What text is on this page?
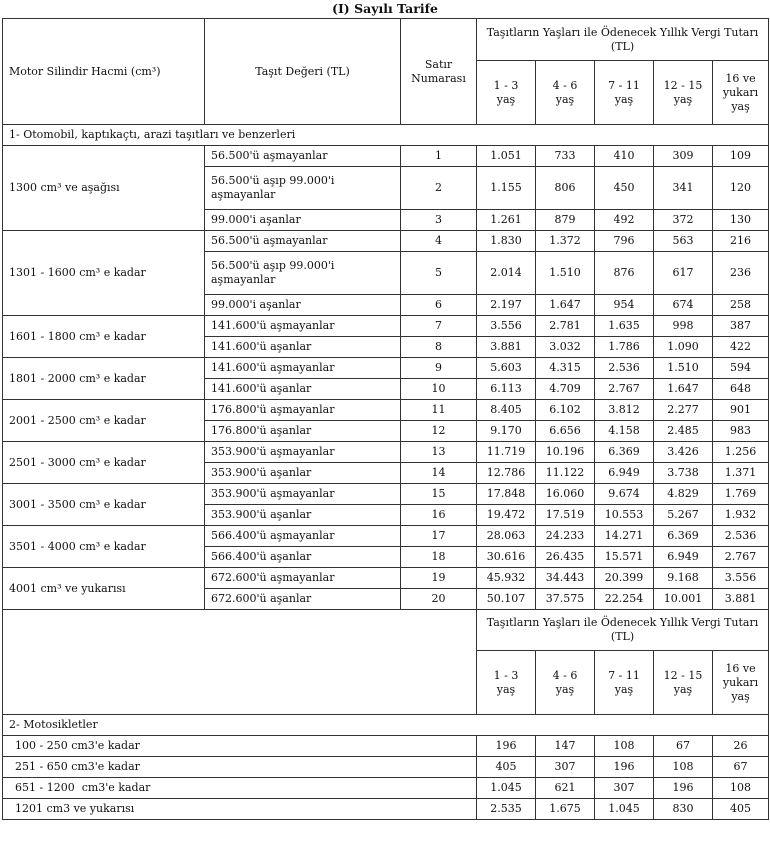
(I) Sayılı Tarife
Motor Silindir Hacmi (cm³)	Taşıt Değeri (TL)	Satır Numarası	Taşıtların Yaşları ile Ödenecek Yıllık Vergi Tutarı (TL)				
			1 - 3 yaş	4 - 6 yaş	7 - 11 yaş	12 - 15 yaş	16 ve yukarı yaş
1- Otomobil, kaptıkaçtı, arazi taşıtları ve benzerleri							
1300 cm³ ve aşağısı	56.500'ü aşmayanlar	1	1.051	733	410	309	109
	56.500'ü aşıp 99.000'i aşmayanlar	2	1.155	806	450	341	120
	99.000'i aşanlar	3	1.261	879	492	372	130
1301 - 1600 cm³ e kadar	56.500'ü aşmayanlar	4	1.830	1.372	796	563	216
	56.500'ü aşıp 99.000'i aşmayanlar	5	2.014	1.510	876	617	236
	99.000'i aşanlar	6	2.197	1.647	954	674	258
1601 - 1800 cm³ e kadar	141.600'ü aşmayanlar	7	3.556	2.781	1.635	998	387
	141.600'ü aşanlar	8	3.881	3.032	1.786	1.090	422
1801 - 2000 cm³ e kadar	141.600'ü aşmayanlar	9	5.603	4.315	2.536	1.510	594
	141.600'ü aşanlar	10	6.113	4.709	2.767	1.647	648
2001 - 2500 cm³ e kadar	176.800'ü aşmayanlar	11	8.405	6.102	3.812	2.277	901
	176.800'ü aşanlar	12	9.170	6.656	4.158	2.485	983
2501 - 3000 cm³ e kadar	353.900'ü aşmayanlar	13	11.719	10.196	6.369	3.426	1.256
	353.900'ü aşanlar	14	12.786	11.122	6.949	3.738	1.371
3001 - 3500 cm³ e kadar	353.900'ü aşmayanlar	15	17.848	16.060	9.674	4.829	1.769
	353.900'ü aşanlar	16	19.472	17.519	10.553	5.267	1.932
3501 - 4000 cm³ e kadar	566.400'ü aşmayanlar	17	28.063	24.233	14.271	6.369	2.536
	566.400'ü aşanlar	18	30.616	26.435	15.571	6.949	2.767
4001 cm³ ve yukarısı	672.600'ü aşmayanlar	19	45.932	34.443	20.399	9.168	3.556
	672.600'ü aşanlar	20	50.107	37.575	22.254	10.001	3.881
			Taşıtların Yaşları ile Ödenecek Yıllık Vergi Tutarı (TL)				
			1 - 3 yaş	4 - 6 yaş	7 - 11 yaş	12 - 15 yaş	16 ve yukarı yaş
2- Motosikletler							
100 - 250 cm3'e kadar			196	147	108	67	26
251 - 650 cm3'e kadar			405	307	196	108	67
651 - 1200  cm3'e kadar			1.045	621	307	196	108
1201 cm3 ve yukarısı			2.535	1.675	1.045	830	405
